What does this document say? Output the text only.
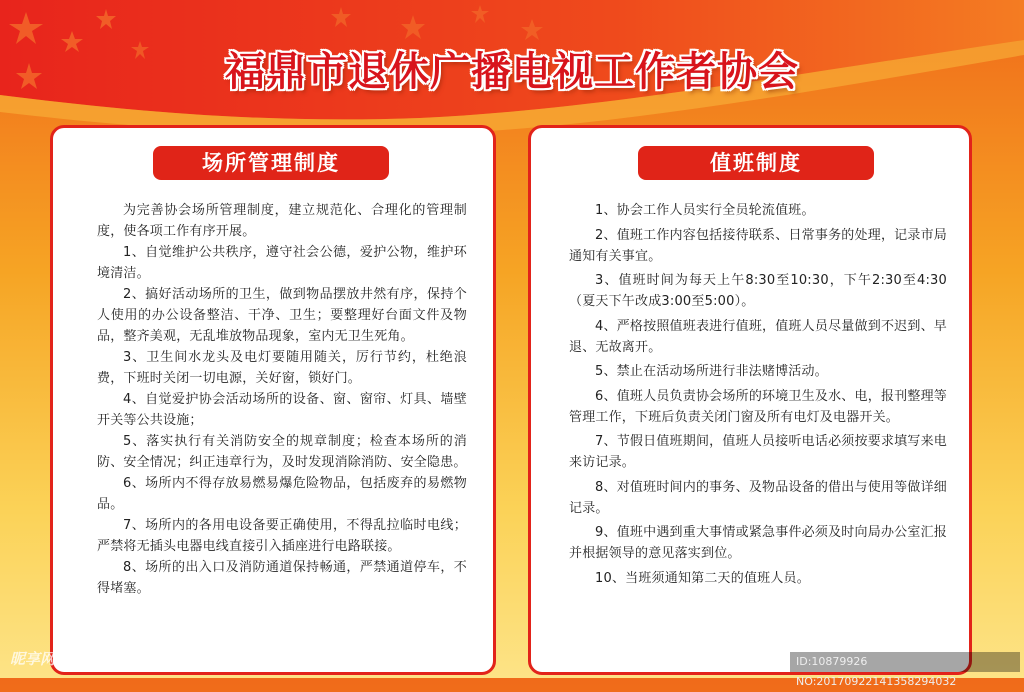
福鼎市退休广播电视工作者协会
场所管理制度

为完善协会场所管理制度，建立规范化、合理化的管理制度，使各项工作有序开展。

1、自觉维护公共秩序，遵守社会公德，爱护公物，维护环境清洁。

2、搞好活动场所的卫生，做到物品摆放井然有序，保持个人使用的办公设备整洁、干净、卫生；要整理好台面文件及物品，整齐美观，无乱堆放物品现象，室内无卫生死角。

3、卫生间水龙头及电灯要随用随关，厉行节约，杜绝浪费，下班时关闭一切电源，关好窗，锁好门。

4、自觉爱护协会活动场所的设备、窗、窗帘、灯具、墙壁开关等公共设施；

5、落实执行有关消防安全的规章制度；检查本场所的消防、安全情况；纠正违章行为，及时发现消除消防、安全隐患。

6、场所内不得存放易燃易爆危险物品，包括废弃的易燃物品。

7、场所内的各用电设备要正确使用，不得乱拉临时电线；严禁将无插头电器电线直接引入插座进行电路联接。

8、场所的出入口及消防通道保持畅通，严禁通道停车，不得堵塞。

值班制度

1、协会工作人员实行全员轮流值班。

2、值班工作内容包括接待联系、日常事务的处理，记录市局通知有关事宜。

3、值班时间为每天上午8:30至10:30，下午2:30至4:30（夏天下午改成3:00至5:00）。

4、严格按照值班表进行值班，值班人员尽量做到不迟到、早退、无故离开。

5、禁止在活动场所进行非法赌博活动。

6、值班人员负责协会场所的环境卫生及水、电，报刊整理等管理工作，下班后负责关闭门窗及所有电灯及电器开关。

7、节假日值班期间，值班人员接听电话必须按要求填写来电来访记录。

8、对值班时间内的事务、及物品设备的借出与使用等做详细记录。

9、值班中遇到重大事情或紧急事件必须及时向局办公室汇报并根据领导的意见落实到位。

10、当班须通知第二天的值班人员。

昵享网 www.nipic.cn	ID:10879926 NO:20170922141358294032
